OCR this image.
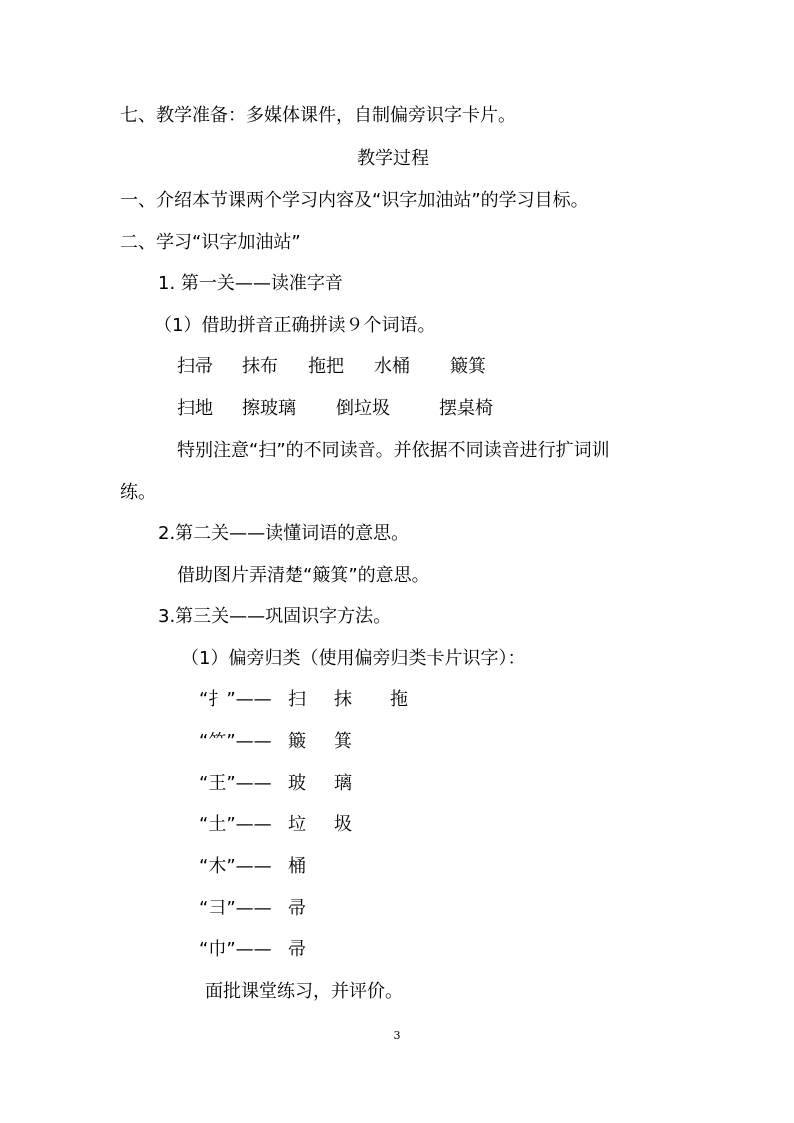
七、教学准备：多媒体课件，自制偏旁识字卡片。
教学过程
一、介绍本节课两个学习内容及“识字加油站”的学习目标。
二、学习“识字加油站”
1. 第一关——读准字音
（1）借助拼音正确拼读９个词语。
扫帚 抹布 拖把 水桶 簸箕
扫地 擦玻璃 倒垃圾	摆桌椅
特别注意“扫”的不同读音。并依据不同读音进行扩词训
练。
2.第二关——读懂词语的意思。
借助图片弄清楚“簸箕”的意思。
3.第三关——巩固识字方法。
（1）偏旁归类（使用偏旁归类卡片识字）：
“扌”—— 扫 抹 拖
“⺮”—— 簸 箕
“王”—— 玻 璃
“土”—— 垃 圾
“木”—— 桶
“彐”—— 帚
“巾”—— 帚
面批课堂练习，并评价。
3
